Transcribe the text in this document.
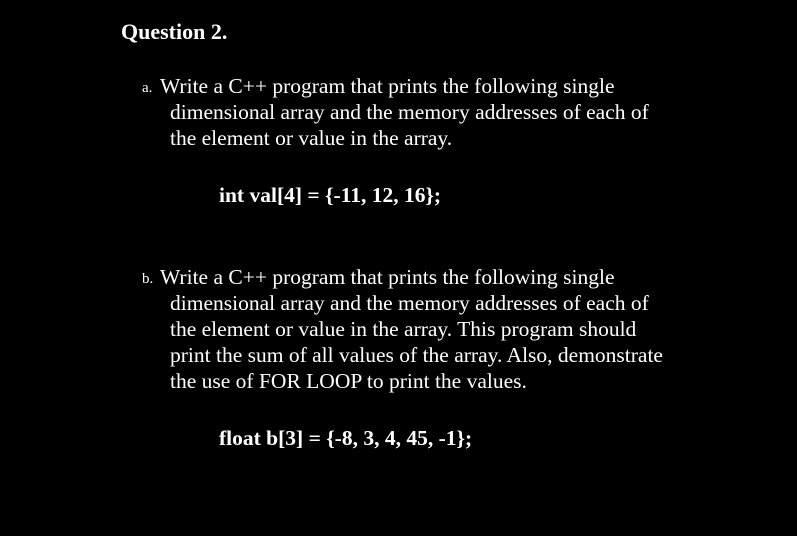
Question 2.
a. Write a C++ program that prints the following single
dimensional array and the memory addresses of each of
the element or value in the array.
int val[4] = {-11, 12, 16};
b. Write a C++ program that prints the following single
dimensional array and the memory addresses of each of
the element or value in the array. This program should
print the sum of all values of the array. Also, demonstrate
the use of FOR LOOP to print the values.
float b[3] = {-8, 3, 4, 45, -1};
